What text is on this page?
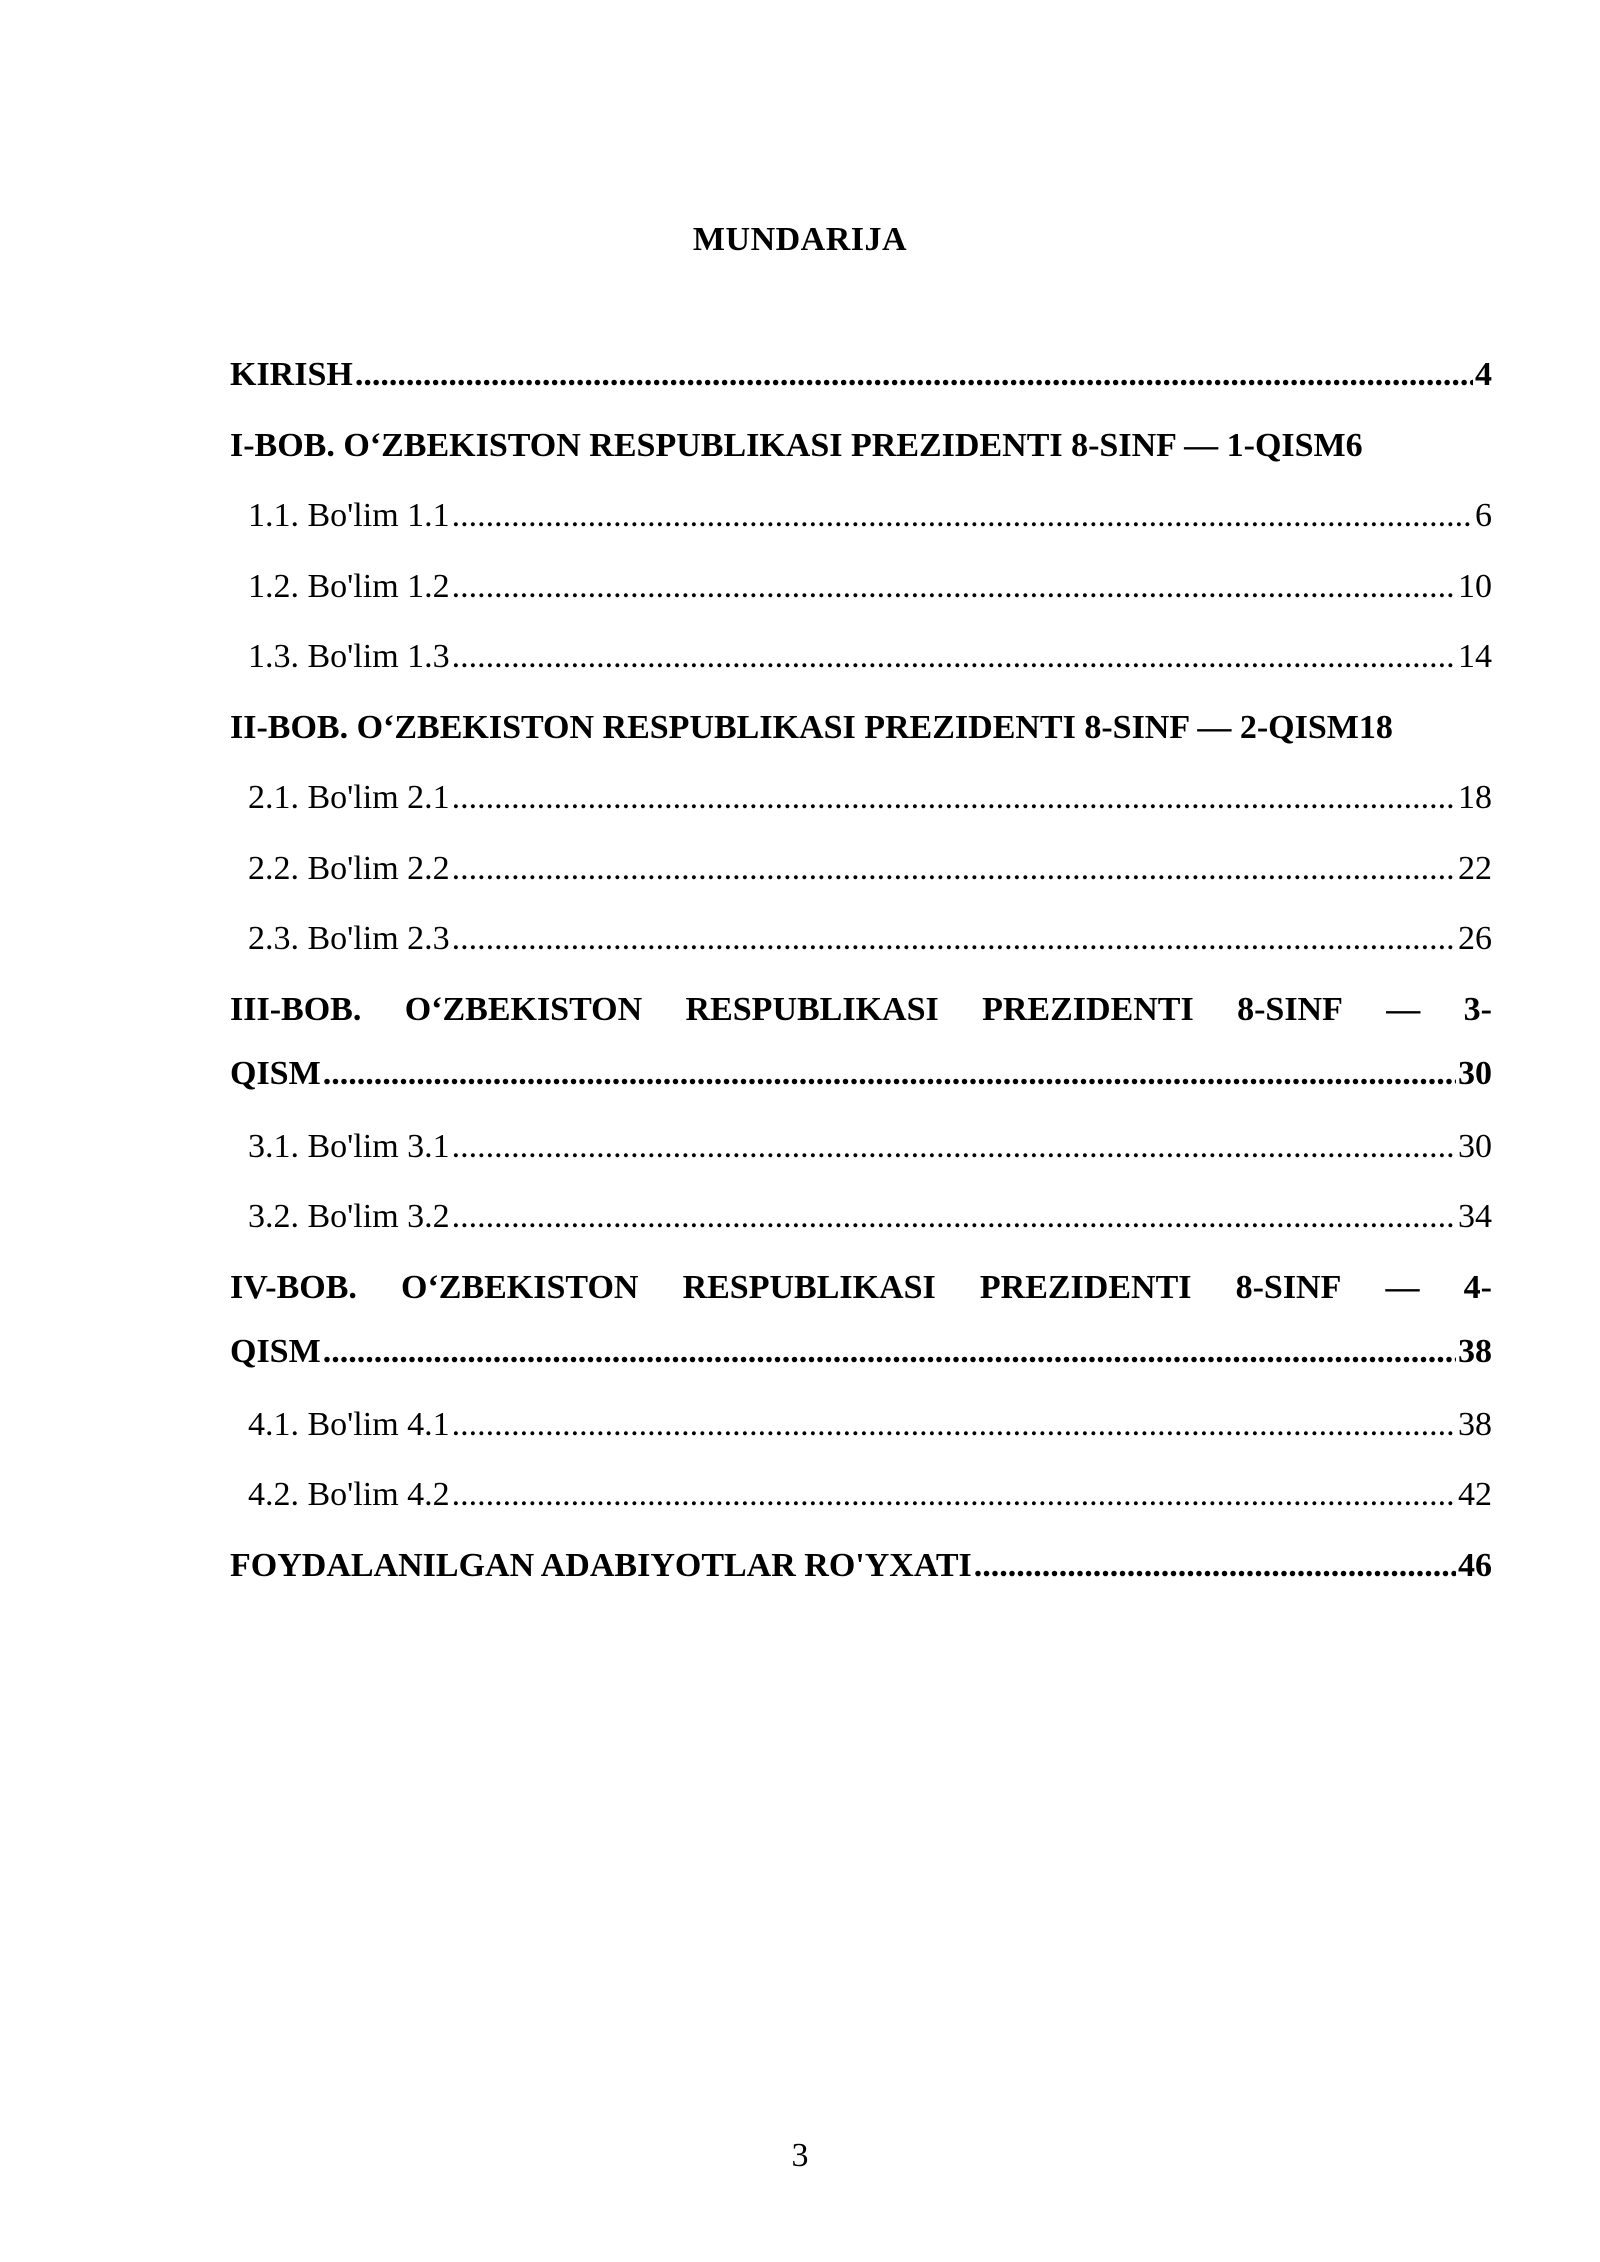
MUNDARIJA
KIRISH .....	4
I-BOB. O‘ZBEKISTON RESPUBLIKASI PREZIDENTI 8-SINF — 1-QISM 6
1.1. Bo'lim 1.1 .....	6
1.2. Bo'lim 1.2 .....	10
1.3. Bo'lim 1.3 .....	14
II-BOB. O‘ZBEKISTON RESPUBLIKASI PREZIDENTI 8-SINF — 2-QISM 18
2.1. Bo'lim 2.1 .....	18
2.2. Bo'lim 2.2 .....	22
2.3. Bo'lim 2.3 .....	26
III-BOB. O‘ZBEKISTON RESPUBLIKASI PREZIDENTI 8-SINF — 3-
QISM .....	30
3.1. Bo'lim 3.1 .....	30
3.2. Bo'lim 3.2 .....	34
IV-BOB. O‘ZBEKISTON RESPUBLIKASI PREZIDENTI 8-SINF — 4-
QISM .....	38
4.1. Bo'lim 4.1 .....	38
4.2. Bo'lim 4.2 .....	42
FOYDALANILGAN ADABIYOTLAR RO'YXATI .....	46
3
